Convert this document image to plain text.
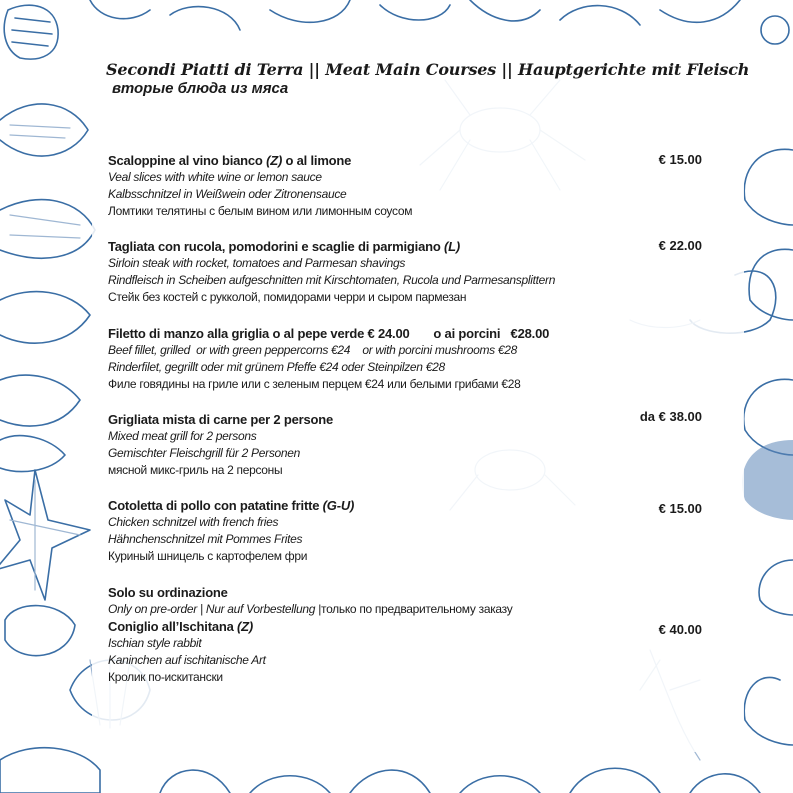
Secondi Piatti di Terra || Meat Main Courses || Hauptgerichte mit Fleisch
вторые блюда из мяса
Scaloppine al vino bianco (Z) o al limone
Veal slices with white wine or lemon sauce
Kalbsschnitzel in Weißwein oder Zitronensauce
Ломтики телятины с белым вином или лимонным соусом
€ 15.00
Tagliata con rucola, pomodorini e scaglie di parmigiano (L)
Sirloin steak with rocket, tomatoes and Parmesan shavings
Rindfleisch in Scheiben aufgeschnitten mit Kirschtomaten, Rucola und Parmesansplittern
Стейк без костей с рукколой, помидорами черри и сыром пармезан
€ 22.00
Filetto di manzo alla griglia o al pepe verde € 24.00       o ai porcini   €28.00
Beef fillet, grilled  or with green peppercorns €24    or with porcini mushrooms €28
Rinderfilet, gegrillt oder mit grünem Pfeffe €24 oder Steinpilzen €28
Филе говядины на гриле или с зеленым перцем €24 или белыми грибами €28
Grigliata mista di carne per 2 persone
Mixed meat grill for 2 persons
Gemischter Fleischgrill für 2 Personen
мясной микс-гриль на 2 персоны
da € 38.00
Cotoletta di pollo con patatine fritte (G-U)
Chicken schnitzel with french fries
Hähnchenschnitzel mit Pommes Frites
Куриный шницель с картофелем фри
€ 15.00
Solo su ordinazione
Only on pre-order | Nur auf Vorbestellung |только по предварительному заказу
Coniglio all’Ischitana (Z)
Ischian style rabbit
Kaninchen auf ischitanische Art
Кролик по-искитански
€ 40.00
